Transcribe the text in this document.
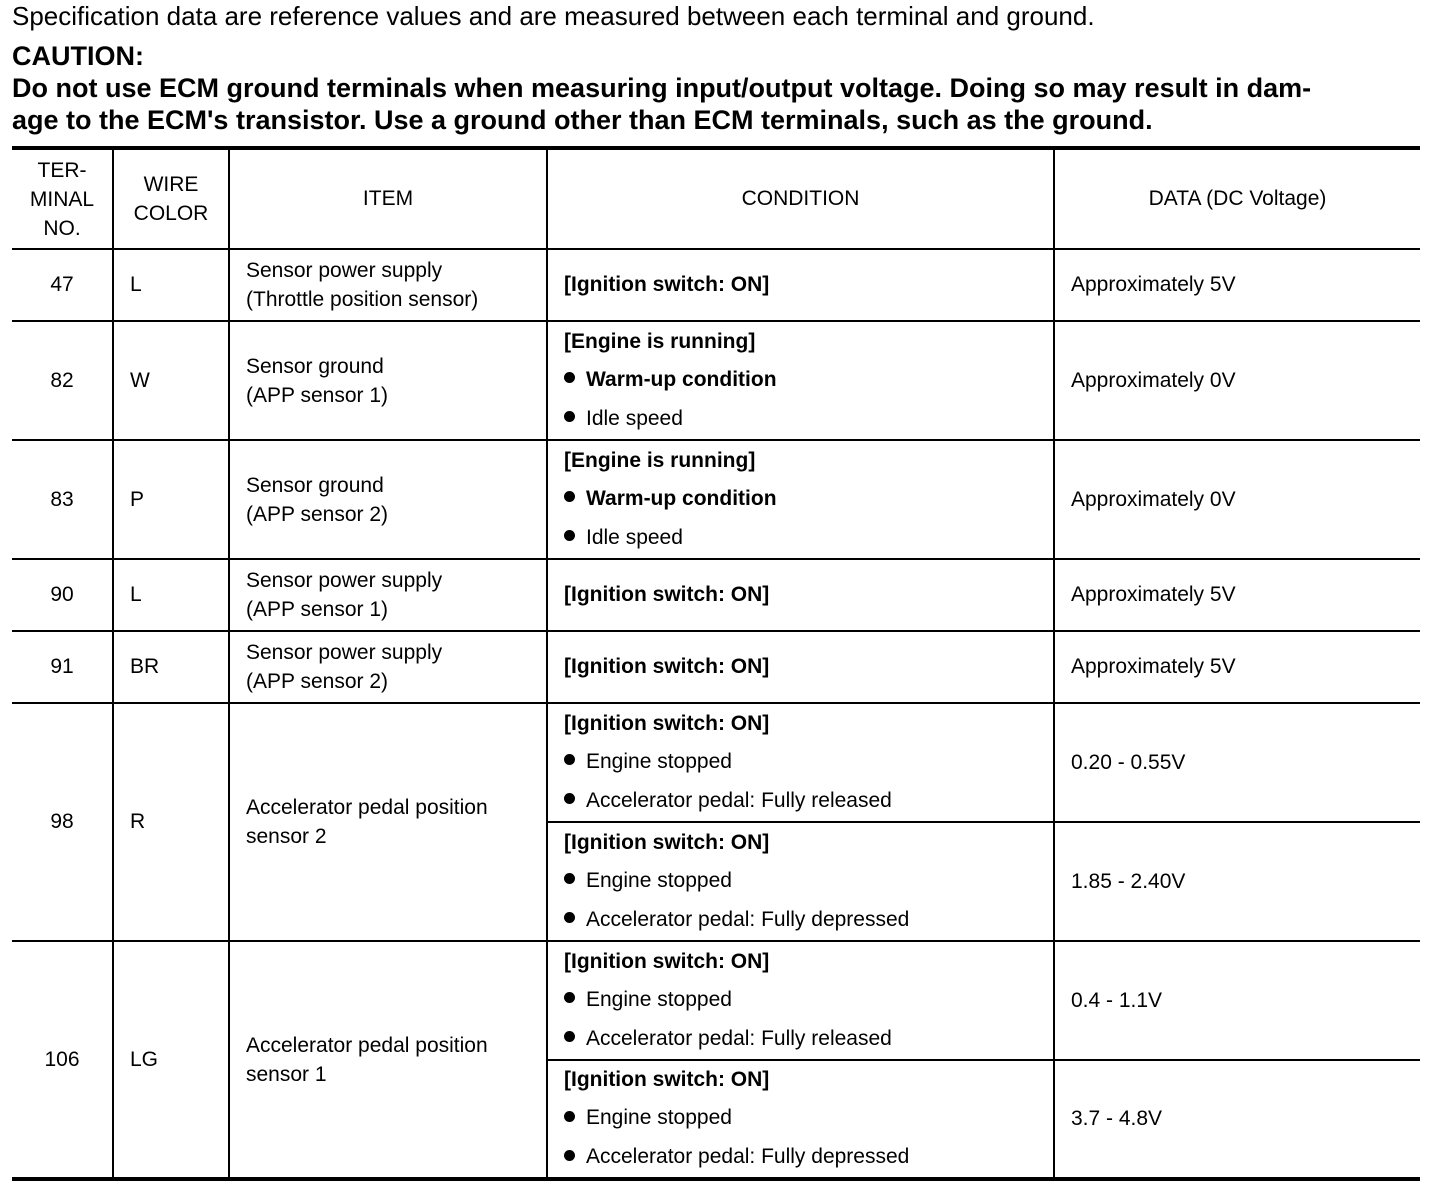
Specification data are reference values and are measured between each terminal and ground.
CAUTION:
Do not use ECM ground terminals when measuring input/output voltage. Doing so may result in dam-
age to the ECM's transistor. Use a ground other than ECM terminals, such as the ground.
TER-
MINAL
NO.	WIRE
COLOR	ITEM	CONDITION	DATA (DC Voltage)
47	L	Sensor power supply
(Throttle position sensor)	[Ignition switch: ON]	Approximately 5V
82	W	Sensor ground
(APP sensor 1)	[Engine is running]
Warm-up condition
Idle speed	Approximately 0V
83	P	Sensor ground
(APP sensor 2)	[Engine is running]
Warm-up condition
Idle speed	Approximately 0V
90	L	Sensor power supply
(APP sensor 1)	[Ignition switch: ON]	Approximately 5V
91	BR	Sensor power supply
(APP sensor 2)	[Ignition switch: ON]	Approximately 5V
98	R	Accelerator pedal position
sensor 2	[Ignition switch: ON]
Engine stopped
Accelerator pedal: Fully released	0.20 - 0.55V

			[Ignition switch: ON]
Engine stopped
Accelerator pedal: Fully depressed	1.85 - 2.40V
106	LG	Accelerator pedal position
sensor 1	[Ignition switch: ON]
Engine stopped
Accelerator pedal: Fully released	0.4 - 1.1V

			[Ignition switch: ON]
Engine stopped
Accelerator pedal: Fully depressed	3.7 - 4.8V
